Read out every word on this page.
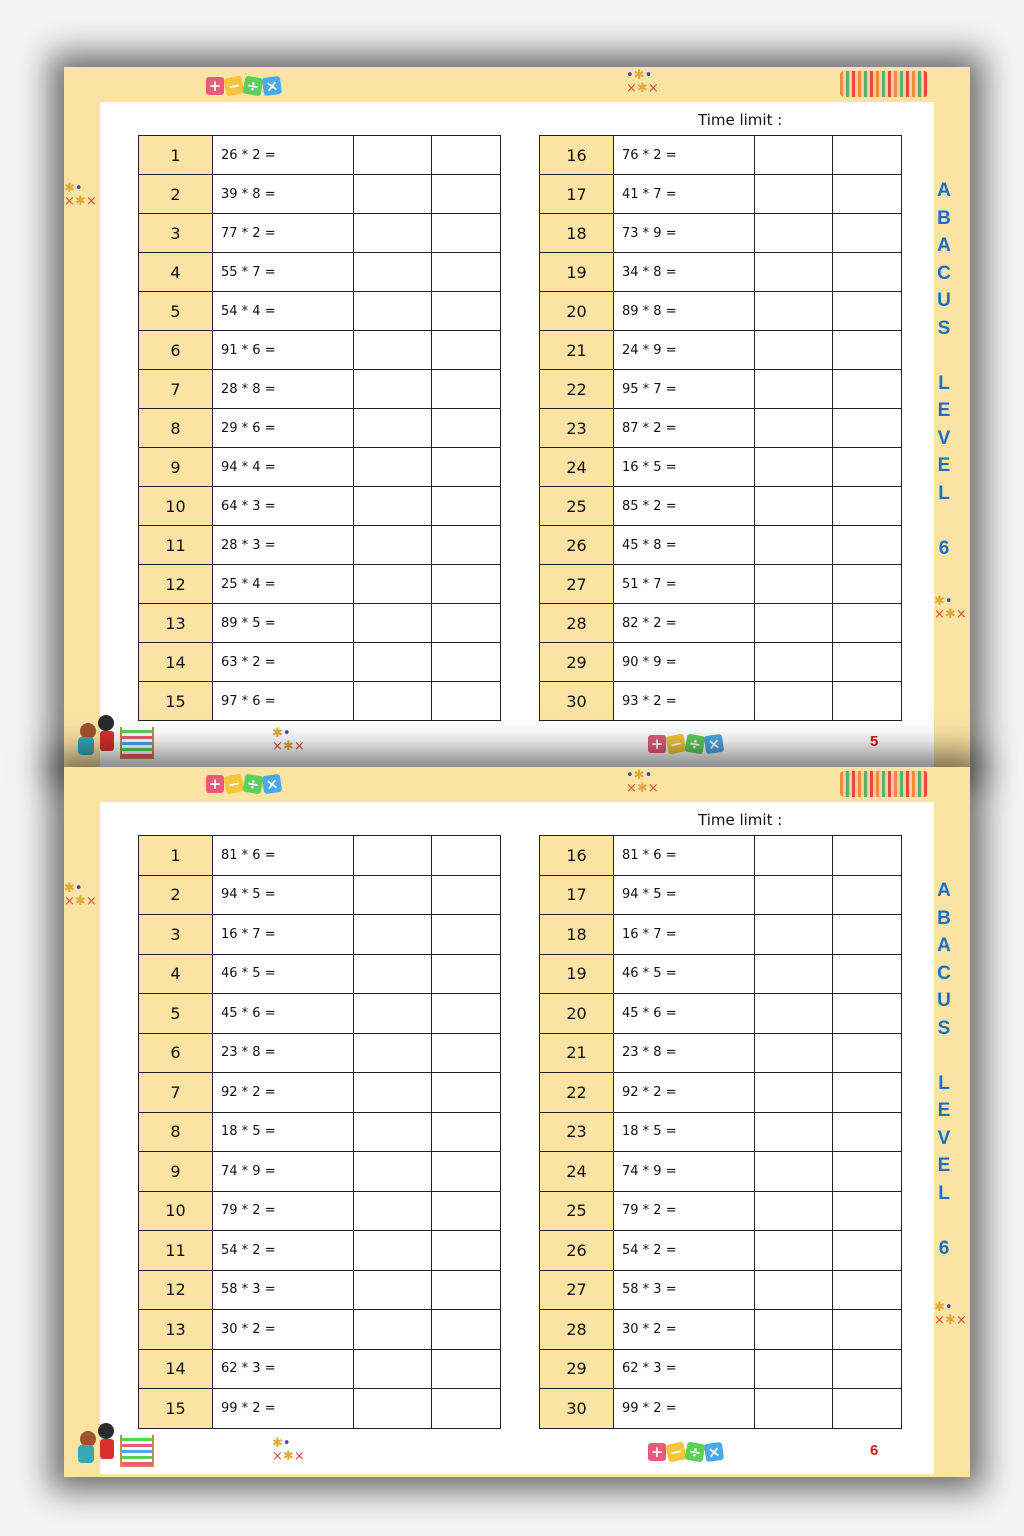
+ − ÷ ×
•✱•
×✱×
✱•
×✱×
✱•
×✱×
Time limit :
1	26 * 2 =		
2	39 * 8 =		
3	77 * 2 =		
4	55 * 7 =		
5	54 * 4 =		
6	91 * 6 =		
7	28 * 8 =		
8	29 * 6 =		
9	94 * 4 =		
10	64 * 3 =		
11	28 * 3 =		
12	25 * 4 =		
13	89 * 5 =		
14	63 * 2 =		
15	97 * 6 =		
16	76 * 2 =		
17	41 * 7 =		
18	73 * 9 =		
19	34 * 8 =		
20	89 * 8 =		
21	24 * 9 =		
22	95 * 7 =		
23	87 * 2 =		
24	16 * 5 =		
25	85 * 2 =		
26	45 * 8 =		
27	51 * 7 =		
28	82 * 2 =		
29	90 * 9 =		
30	93 * 2 =		
A
B
A
C
U
S

L
E
V
E
L

6
✱•
×✱×	+ − ÷ ×	5
+ − ÷ ×	•✱•
×✱×
✱•
×✱×
✱•
×✱×
Time limit :
1	81 * 6 =		
2	94 * 5 =		
3	16 * 7 =		
4	46 * 5 =		
5	45 * 6 =		
6	23 * 8 =		
7	92 * 2 =		
8	18 * 5 =		
9	74 * 9 =		
10	79 * 2 =		
11	54 * 2 =		
12	58 * 3 =		
13	30 * 2 =		
14	62 * 3 =		
15	99 * 2 =		
16	81 * 6 =		
17	94 * 5 =		
18	16 * 7 =		
19	46 * 5 =		
20	45 * 6 =		
21	23 * 8 =		
22	92 * 2 =		
23	18 * 5 =		
24	74 * 9 =		
25	79 * 2 =		
26	54 * 2 =		
27	58 * 3 =		
28	30 * 2 =		
29	62 * 3 =		
30	99 * 2 =		
A
B
A
C
U
S

L
E
V
E
L

6
✱•
×✱×	+ − ÷ ×	6
